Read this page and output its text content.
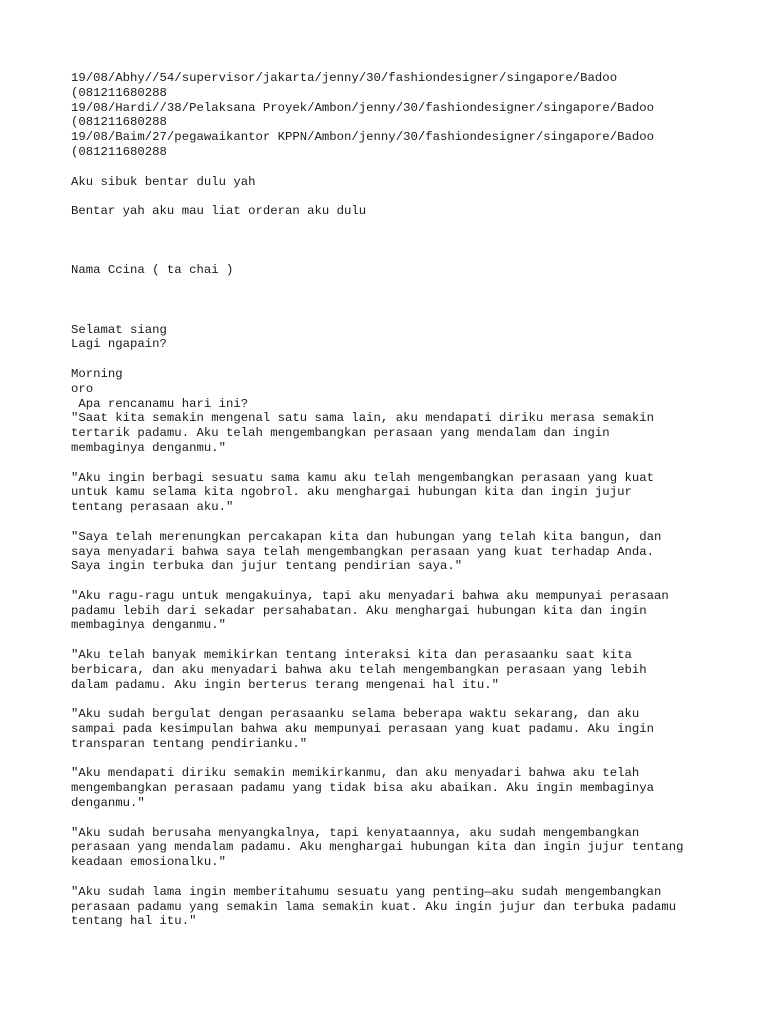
19/08/Abhy//54/supervisor/jakarta/jenny/30/fashiondesigner/singapore/Badoo
(081211680288
19/08/Hardi//38/Pelaksana Proyek/Ambon/jenny/30/fashiondesigner/singapore/Badoo
(081211680288
19/08/Baim/27/pegawaikantor KPPN/Ambon/jenny/30/fashiondesigner/singapore/Badoo
(081211680288
Aku sibuk bentar dulu yah
Bentar yah aku mau liat orderan aku dulu
Nama Ccina ( ta chai )
Selamat siang
Lagi ngapain?
Morning
oro
Apa rencanamu hari ini?
"Saat kita semakin mengenal satu sama lain, aku mendapati diriku merasa semakin
tertarik padamu. Aku telah mengembangkan perasaan yang mendalam dan ingin
membaginya denganmu."
"Aku ingin berbagi sesuatu sama kamu aku telah mengembangkan perasaan yang kuat
untuk kamu selama kita ngobrol. aku menghargai hubungan kita dan ingin jujur
tentang perasaan aku."
"Saya telah merenungkan percakapan kita dan hubungan yang telah kita bangun, dan
saya menyadari bahwa saya telah mengembangkan perasaan yang kuat terhadap Anda.
Saya ingin terbuka dan jujur tentang pendirian saya."
"Aku ragu-ragu untuk mengakuinya, tapi aku menyadari bahwa aku mempunyai perasaan
padamu lebih dari sekadar persahabatan. Aku menghargai hubungan kita dan ingin
membaginya denganmu."
"Aku telah banyak memikirkan tentang interaksi kita dan perasaanku saat kita
berbicara, dan aku menyadari bahwa aku telah mengembangkan perasaan yang lebih
dalam padamu. Aku ingin berterus terang mengenai hal itu."
"Aku sudah bergulat dengan perasaanku selama beberapa waktu sekarang, dan aku
sampai pada kesimpulan bahwa aku mempunyai perasaan yang kuat padamu. Aku ingin
transparan tentang pendirianku."
"Aku mendapati diriku semakin memikirkanmu, dan aku menyadari bahwa aku telah
mengembangkan perasaan padamu yang tidak bisa aku abaikan. Aku ingin membaginya
denganmu."
"Aku sudah berusaha menyangkalnya, tapi kenyataannya, aku sudah mengembangkan
perasaan yang mendalam padamu. Aku menghargai hubungan kita dan ingin jujur tentang
keadaan emosionalku."
"Aku sudah lama ingin memberitahumu sesuatu yang penting—aku sudah mengembangkan
perasaan padamu yang semakin lama semakin kuat. Aku ingin jujur dan terbuka padamu
tentang hal itu."
